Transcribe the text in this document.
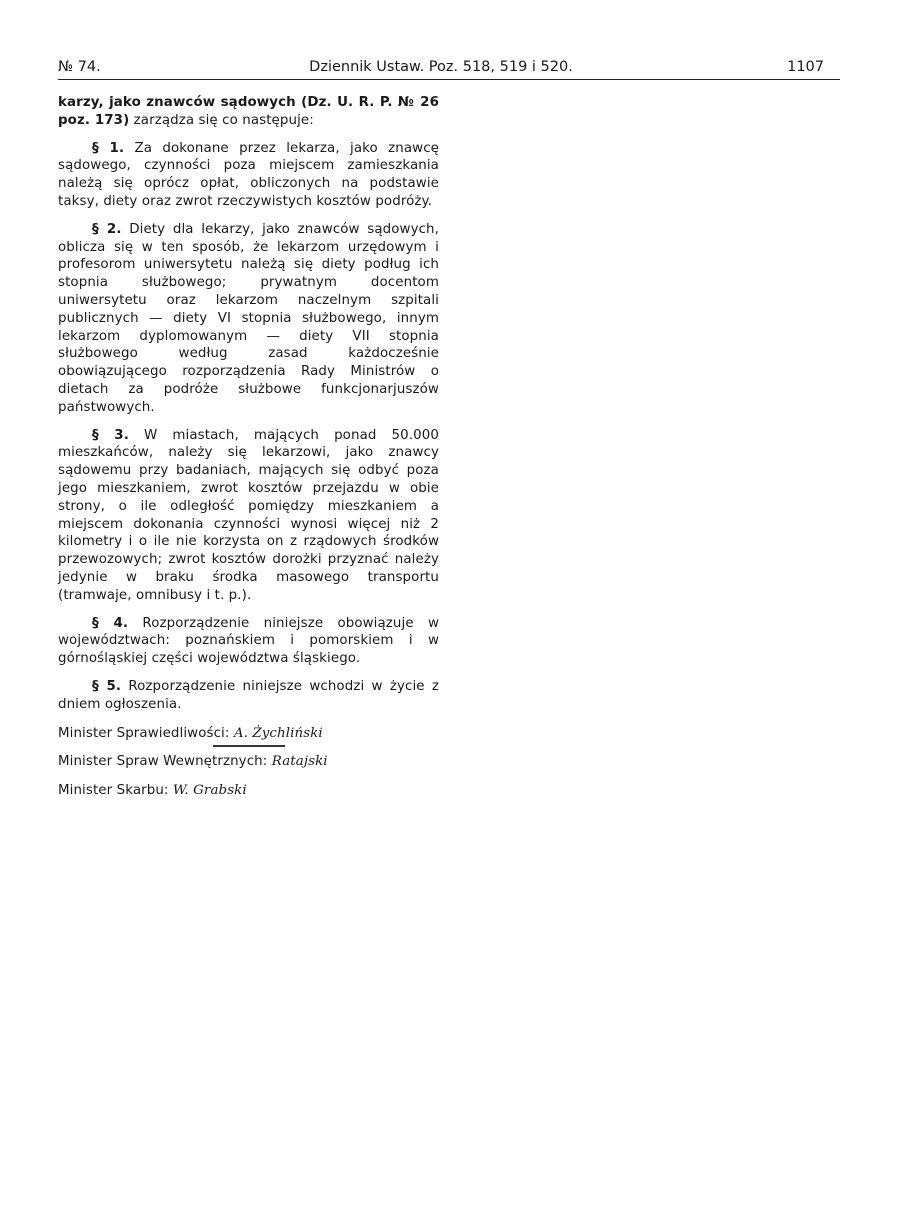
№ 74.	Dziennik Ustaw. Poz. 518, 519 i 520.	1107

karzy, jako znawców sądowych (Dz. U. R. P. № 26 poz. 173) zarządza się co następuje:

§ 1. Za dokonane przez lekarza, jako znawcę sądowego, czynności poza miejscem zamieszkania należą się oprócz opłat, obliczonych na podstawie taksy, diety oraz zwrot rzeczywistych kosztów podróży.

§ 2. Diety dla lekarzy, jako znawców sądowych, oblicza się w ten sposób, że lekarzom urzędowym i profesorom uniwersytetu należą się diety podług ich stopnia służbowego; prywatnym docentom uniwersytetu oraz lekarzom naczelnym szpitali publicznych — diety VI stopnia służbowego, innym lekarzom dyplomowanym — diety VII stopnia służbowego według zasad każdocześnie obowiązującego rozporządzenia Rady Ministrów o dietach za podróże służbowe funkcjonarjuszów państwowych.

§ 3. W miastach, mających ponad 50.000 mieszkańców, należy się lekarzowi, jako znawcy sądowemu przy badaniach, mających się odbyć poza jego mieszkaniem, zwrot kosztów przejazdu w obie strony, o ile odległość pomiędzy mieszkaniem a miejscem dokonania czynności wynosi więcej niż 2 kilometry i o ile nie korzysta on z rządowych środków przewozowych; zwrot kosztów dorożki przyznać należy jedynie w braku środka masowego transportu (tramwaje, omnibusy i t. p.).

§ 4. Rozporządzenie niniejsze obowiązuje w województwach: poznańskiem i pomorskiem i w górnośląskiej części województwa śląskiego.

§ 5. Rozporządzenie niniejsze wchodzi w życie z dniem ogłoszenia.

Minister Sprawiedliwości: A. Żychliński

Minister Spraw Wewnętrznych: Ratajski

Minister Skarbu: W. Grabski
